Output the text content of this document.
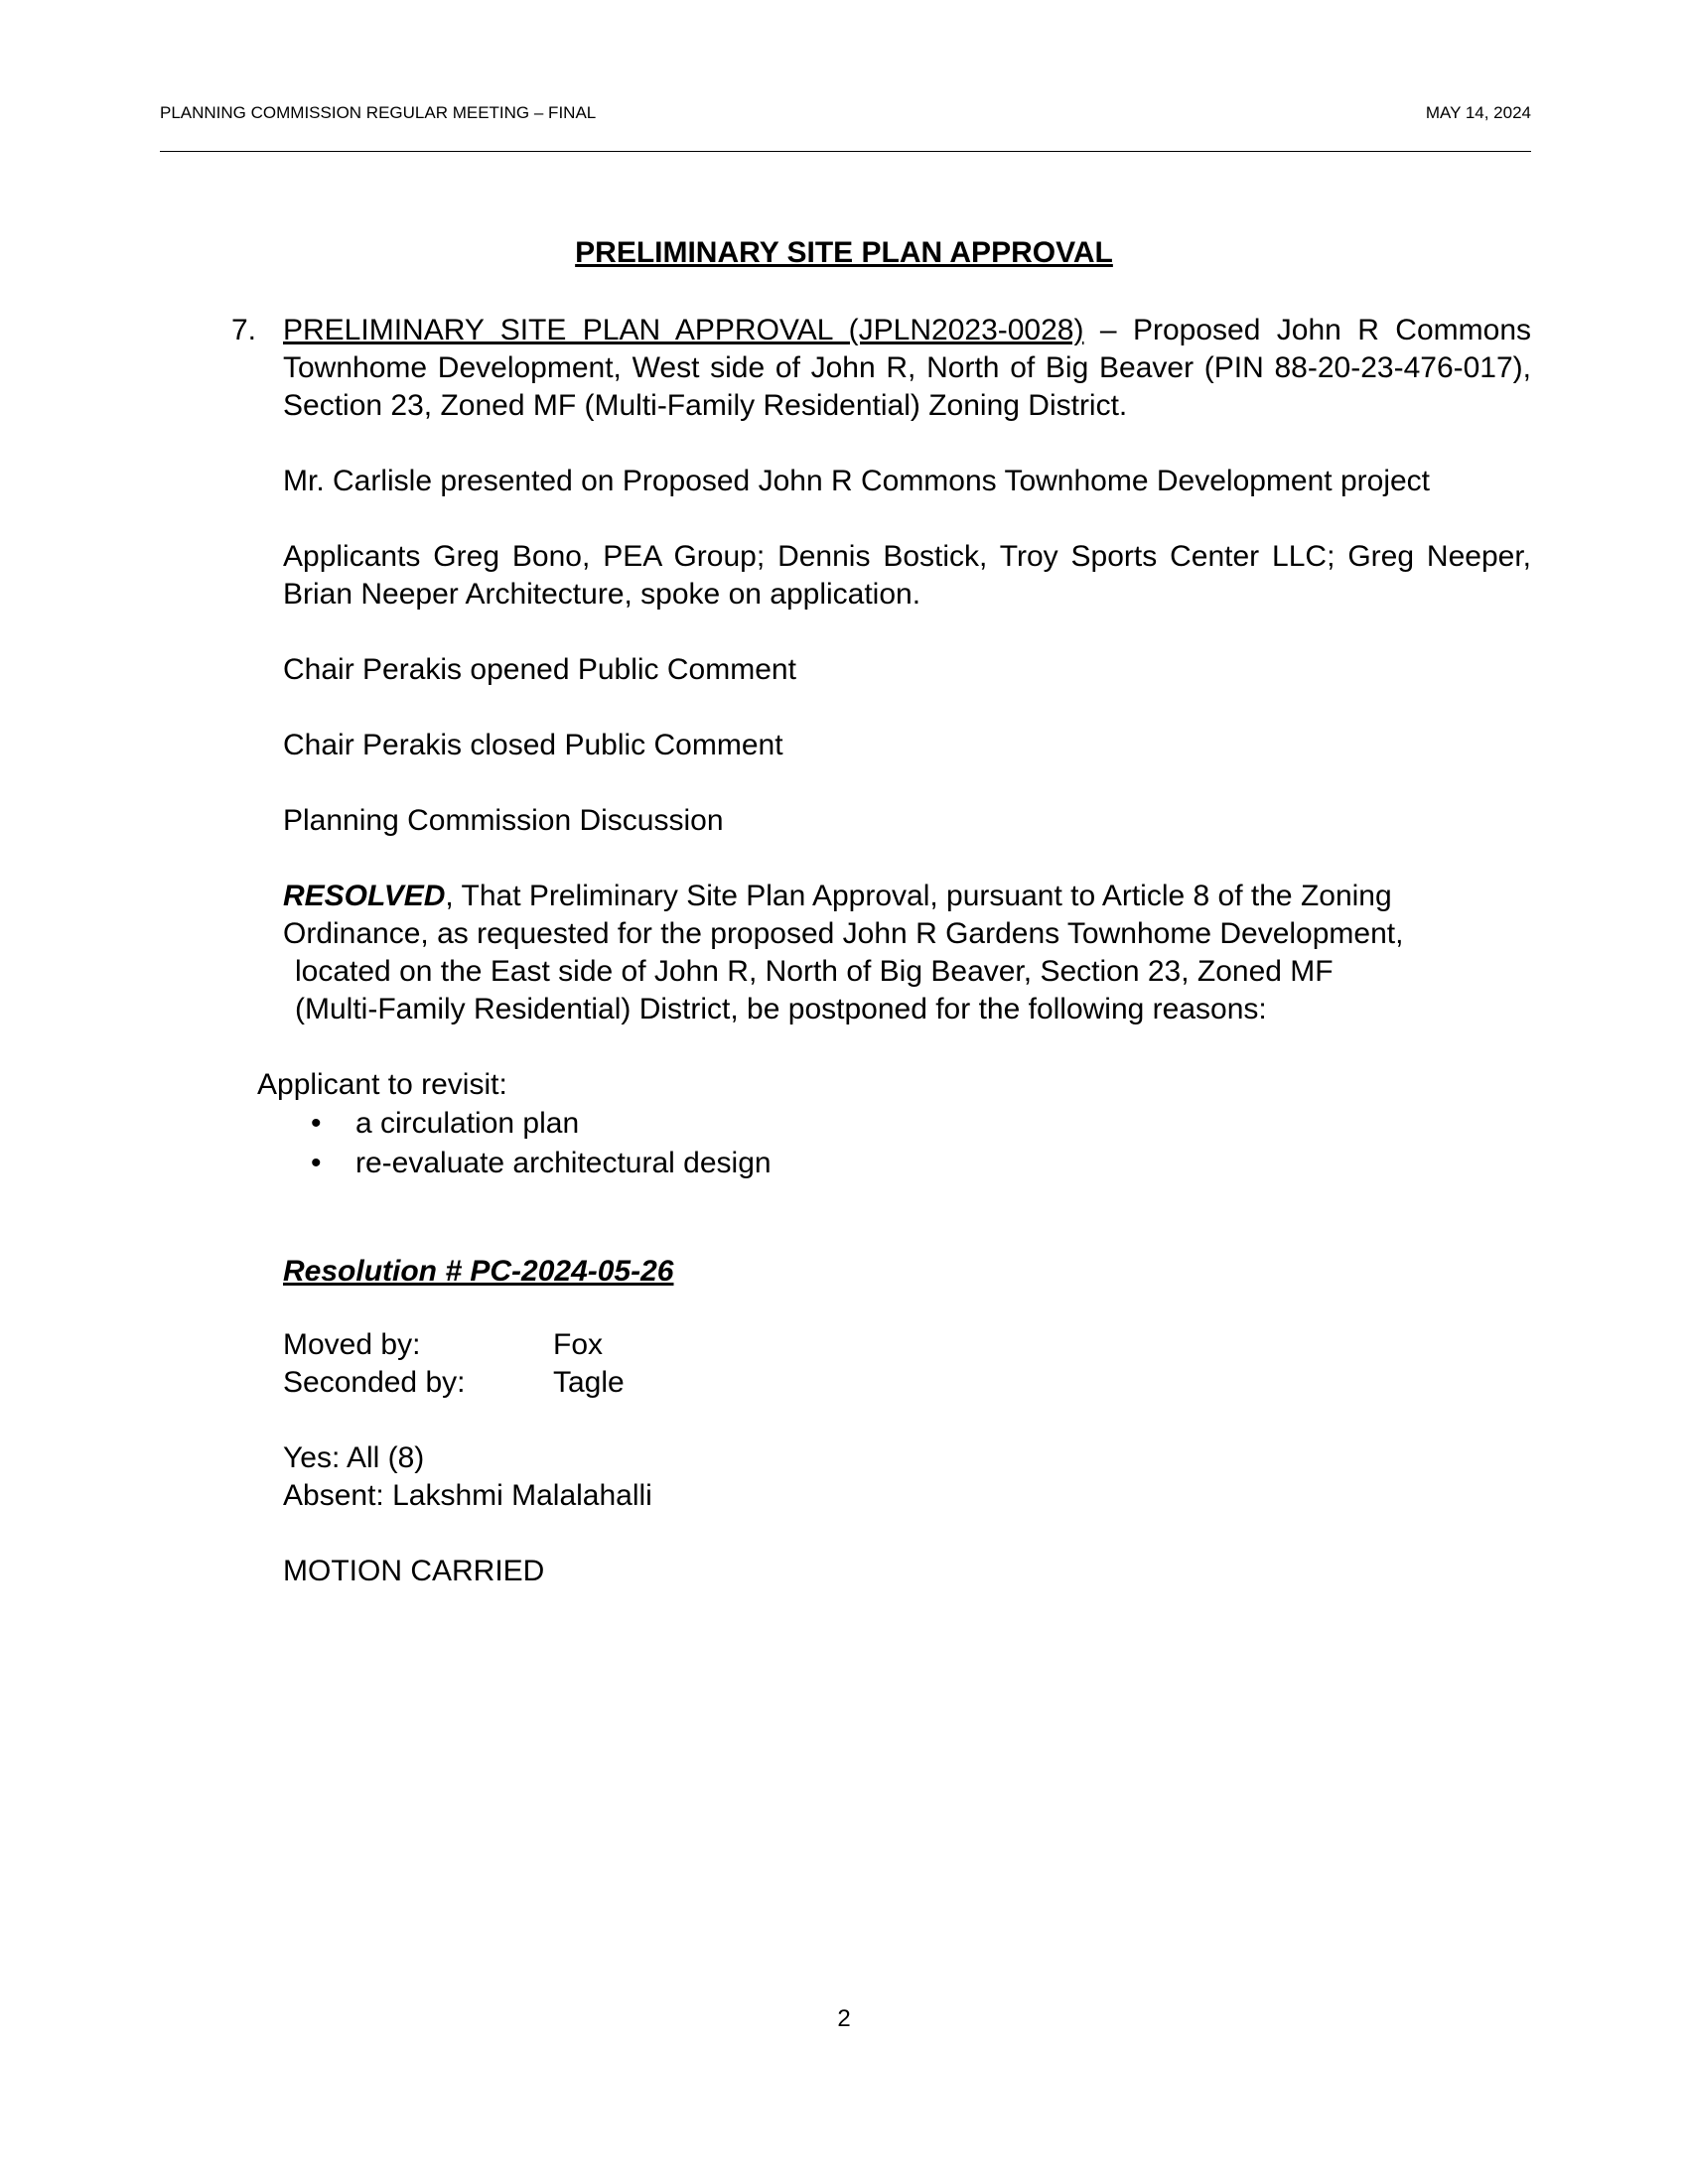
PLANNING COMMISSION REGULAR MEETING – FINAL	MAY 14, 2024
PRELIMINARY SITE PLAN APPROVAL
7. PRELIMINARY SITE PLAN APPROVAL (JPLN2023-0028) – Proposed John R Commons Townhome Development, West side of John R, North of Big Beaver (PIN 88-20-23-476-017), Section 23, Zoned MF (Multi-Family Residential) Zoning District.

Mr. Carlisle presented on Proposed John R Commons Townhome Development project

Applicants Greg Bono, PEA Group; Dennis Bostick, Troy Sports Center LLC; Greg Neeper, Brian Neeper Architecture, spoke on application.

Chair Perakis opened Public Comment

Chair Perakis closed Public Comment

Planning Commission Discussion

RESOLVED, That Preliminary Site Plan Approval, pursuant to Article 8 of the Zoning
Ordinance, as requested for the proposed John R Gardens Townhome Development,
located on the East side of John R, North of Big Beaver, Section 23, Zoned MF
(Multi-Family Residential) District, be postponed for the following reasons:
Applicant to revisit:
• a circulation plan
• re-evaluate architectural design
Resolution # PC-2024-05-26
Moved by:	Fox
Seconded by:	Tagle
Yes: All (8)
Absent: Lakshmi Malalahalli
MOTION CARRIED
2
